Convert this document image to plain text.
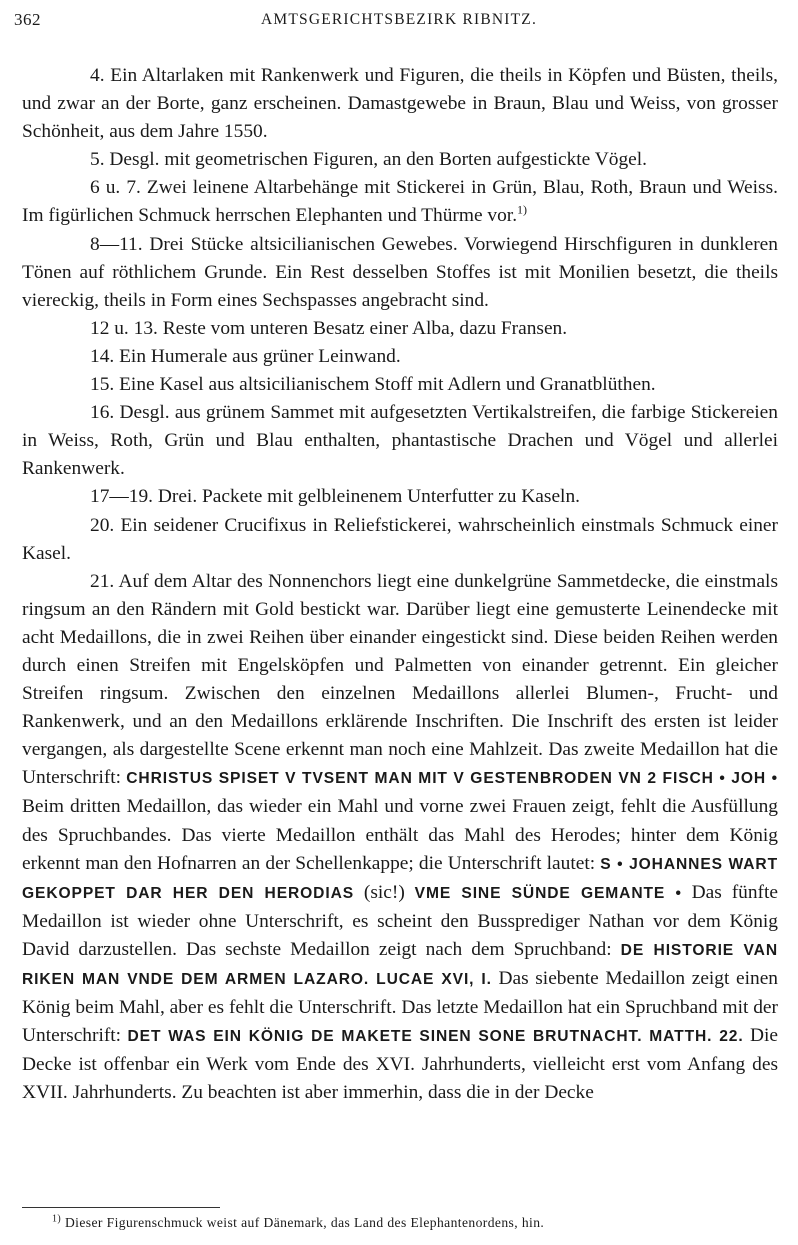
362	AMTSGERICHTSBEZIRK RIBNITZ.

4. Ein Altarlaken mit Rankenwerk und Figuren, die theils in Köpfen und Büsten, theils, und zwar an der Borte, ganz erscheinen. Damastgewebe in Braun, Blau und Weiss, von grosser Schönheit, aus dem Jahre 1550.

5. Desgl. mit geometrischen Figuren, an den Borten aufgestickte Vögel.

6 u. 7. Zwei leinene Altarbehänge mit Stickerei in Grün, Blau, Roth, Braun und Weiss. Im figürlichen Schmuck herrschen Elephanten und Thürme vor.$^{1)}$

8—11. Drei Stücke altsicilianischen Gewebes. Vorwiegend Hirschfiguren in dunkleren Tönen auf röthlichem Grunde. Ein Rest desselben Stoffes ist mit Monilien besetzt, die theils viereckig, theils in Form eines Sechspasses angebracht sind.

12 u. 13. Reste vom unteren Besatz einer Alba, dazu Fransen.

14. Ein Humerale aus grüner Leinwand.

15. Eine Kasel aus altsicilianischem Stoff mit Adlern und Granatblüthen.

16. Desgl. aus grünem Sammet mit aufgesetzten Vertikalstreifen, die farbige Stickereien in Weiss, Roth, Grün und Blau enthalten, phantastische Drachen und Vögel und allerlei Rankenwerk.

17—19. Drei. Packete mit gelbleinenem Unterfutter zu Kaseln.

20. Ein seidener Crucifixus in Reliefstickerei, wahrscheinlich einstmals Schmuck einer Kasel.

21. Auf dem Altar des Nonnenchors liegt eine dunkelgrüne Sammetdecke, die einstmals ringsum an den Rändern mit Gold bestickt war. Darüber liegt eine gemusterte Leinendecke mit acht Medaillons, die in zwei Reihen über einander eingestickt sind. Diese beiden Reihen werden durch einen Streifen mit Engelsköpfen und Palmetten von einander getrennt. Ein gleicher Streifen ringsum. Zwischen den einzelnen Medaillons allerlei Blumen-, Frucht- und Rankenwerk, und an den Medaillons erklärende Inschriften. Die Inschrift des ersten ist leider vergangen, als dargestellte Scene erkennt man noch eine Mahlzeit. Das zweite Medaillon hat die Unterschrift: CHRISTUS SPISET V TVSENT MAN MIT V GESTENBRODEN VN 2 FISCH • JOH • Beim dritten Medaillon, das wieder ein Mahl und vorne zwei Frauen zeigt, fehlt die Ausfüllung des Spruchbandes. Das vierte Medaillon enthält das Mahl des Herodes; hinter dem König erkennt man den Hofnarren an der Schellenkappe; die Unterschrift lautet: S • JOHANNES WART GEKOPPET DAR HER DEN HERODIAS (sic!) VME SINE SÜNDE GEMANTE • Das fünfte Medaillon ist wieder ohne Unterschrift, es scheint den Bussprediger Nathan vor dem König David darzustellen. Das sechste Medaillon zeigt nach dem Spruchband: DE HISTORIE VAN RIKEN MAN VNDE DEM ARMEN LAZARO. LUCAE XVI, I. Das siebente Medaillon zeigt einen König beim Mahl, aber es fehlt die Unterschrift. Das letzte Medaillon hat ein Spruchband mit der Unterschrift: DET WAS EIN KÖNIG DE MAKETE SINEN SONE BRUTNACHT. MATTH. 22. Die Decke ist offenbar ein Werk vom Ende des XVI. Jahrhunderts, vielleicht erst vom Anfang des XVII. Jahrhunderts. Zu beachten ist aber immerhin, dass die in der Decke

$^{1)}$ Dieser Figurenschmuck weist auf Dänemark, das Land des Elephantenordens, hin.
